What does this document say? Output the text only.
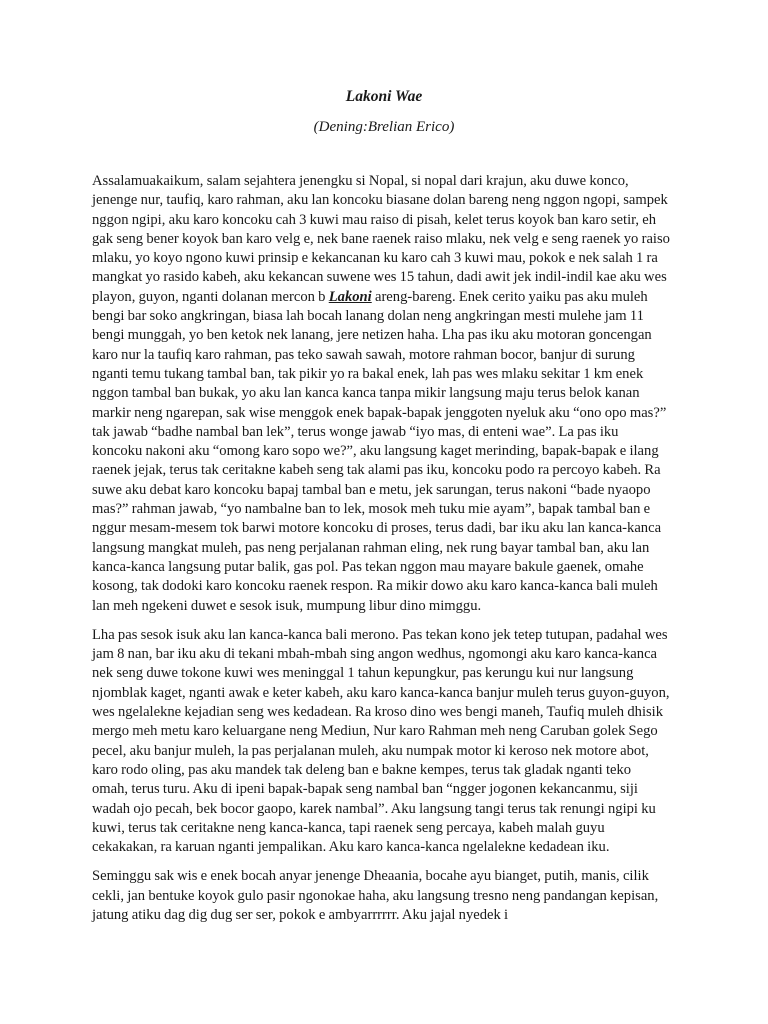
Lakoni Wae

(Dening:Brelian Erico)

Assalamuakaikum, salam sejahtera jenengku si Nopal, si nopal dari krajun, aku duwe konco, jenenge nur, taufiq, karo rahman, aku lan koncoku biasane dolan bareng neng nggon ngopi, sampek nggon ngipi, aku karo koncoku cah 3 kuwi mau raiso di pisah, kelet terus koyok ban karo setir, eh gak seng bener koyok ban karo velg e, nek bane raenek raiso mlaku, nek velg e seng raenek yo raiso mlaku, yo koyo ngono kuwi prinsip e kekancanan ku karo cah 3 kuwi mau, pokok e nek salah 1 ra mangkat yo rasido kabeh, aku kekancan suwene wes 15 tahun, dadi awit jek indil-indil kae aku wes playon, guyon, nganti dolanan mercon b Lakoni areng-bareng. Enek cerito yaiku pas aku muleh bengi bar soko angkringan, biasa lah bocah lanang dolan neng angkringan mesti mulehe jam 11 bengi munggah, yo ben ketok nek lanang, jere netizen haha. Lha pas iku aku motoran goncengan karo nur la taufiq karo rahman, pas teko sawah sawah, motore rahman bocor, banjur di surung nganti temu tukang tambal ban, tak pikir yo ra bakal enek, lah pas wes mlaku sekitar 1 km enek nggon tambal ban bukak, yo aku lan kanca kanca tanpa mikir langsung maju terus belok kanan markir neng ngarepan, sak wise menggok enek bapak-bapak jenggoten nyeluk aku “ono opo mas?” tak jawab “badhe nambal ban lek”, terus wonge jawab “iyo mas, di enteni wae”. La pas iku koncoku nakoni aku “omong karo sopo we?”, aku langsung kaget merinding, bapak-bapak e ilang raenek jejak, terus tak ceritakne kabeh seng tak alami pas iku, koncoku podo ra percoyo kabeh. Ra suwe aku debat karo koncoku bapaj tambal ban e metu, jek sarungan, terus nakoni “bade nyaopo mas?” rahman jawab, “yo nambalne ban to lek, mosok meh tuku mie ayam”, bapak tambal ban e nggur mesam-mesem tok barwi motore koncoku di proses, terus dadi, bar iku aku lan kanca-kanca langsung mangkat muleh, pas neng perjalanan rahman eling, nek rung bayar tambal ban, aku lan kanca-kanca langsung putar balik, gas pol. Pas tekan nggon mau mayare bakule gaenek, omahe kosong, tak dodoki karo koncoku raenek respon. Ra mikir dowo aku karo kanca-kanca bali muleh lan meh ngekeni duwet e sesok isuk, mumpung libur dino mimggu.

Lha pas sesok isuk aku lan kanca-kanca bali merono. Pas tekan kono jek tetep tutupan, padahal wes jam 8 nan, bar iku aku di tekani mbah-mbah sing angon wedhus, ngomongi aku karo kanca-kanca nek seng duwe tokone kuwi wes meninggal 1 tahun kepungkur, pas kerungu kui nur langsung njomblak kaget, nganti awak e keter kabeh, aku karo kanca-kanca banjur muleh terus guyon-guyon, wes ngelalekne kejadian seng wes kedadean. Ra kroso dino wes bengi maneh, Taufiq muleh dhisik mergo meh metu karo keluargane neng Mediun, Nur karo Rahman meh neng Caruban golek Sego pecel, aku banjur muleh, la pas perjalanan muleh, aku numpak motor ki keroso nek motore abot, karo rodo oling, pas aku mandek tak deleng ban e bakne kempes, terus tak gladak nganti teko omah, terus turu. Aku di ipeni bapak-bapak seng nambal ban “ngger jogonen kekancanmu, siji wadah ojo pecah, bek bocor gaopo, karek nambal”. Aku langsung tangi terus tak renungi ngipi ku kuwi, terus tak ceritakne neng kanca-kanca, tapi raenek seng percaya, kabeh malah guyu cekakakan, ra karuan nganti jempalikan. Aku karo kanca-kanca ngelalekne kedadean iku.

Seminggu sak wis e enek bocah anyar jenenge Dheaania, bocahe ayu bianget, putih, manis, cilik cekli, jan bentuke koyok gulo pasir ngonokae haha, aku langsung tresno neng pandangan kepisan, jatung atiku dag dig dug ser ser, pokok e ambyarrrrrr. Aku jajal nyedek i
